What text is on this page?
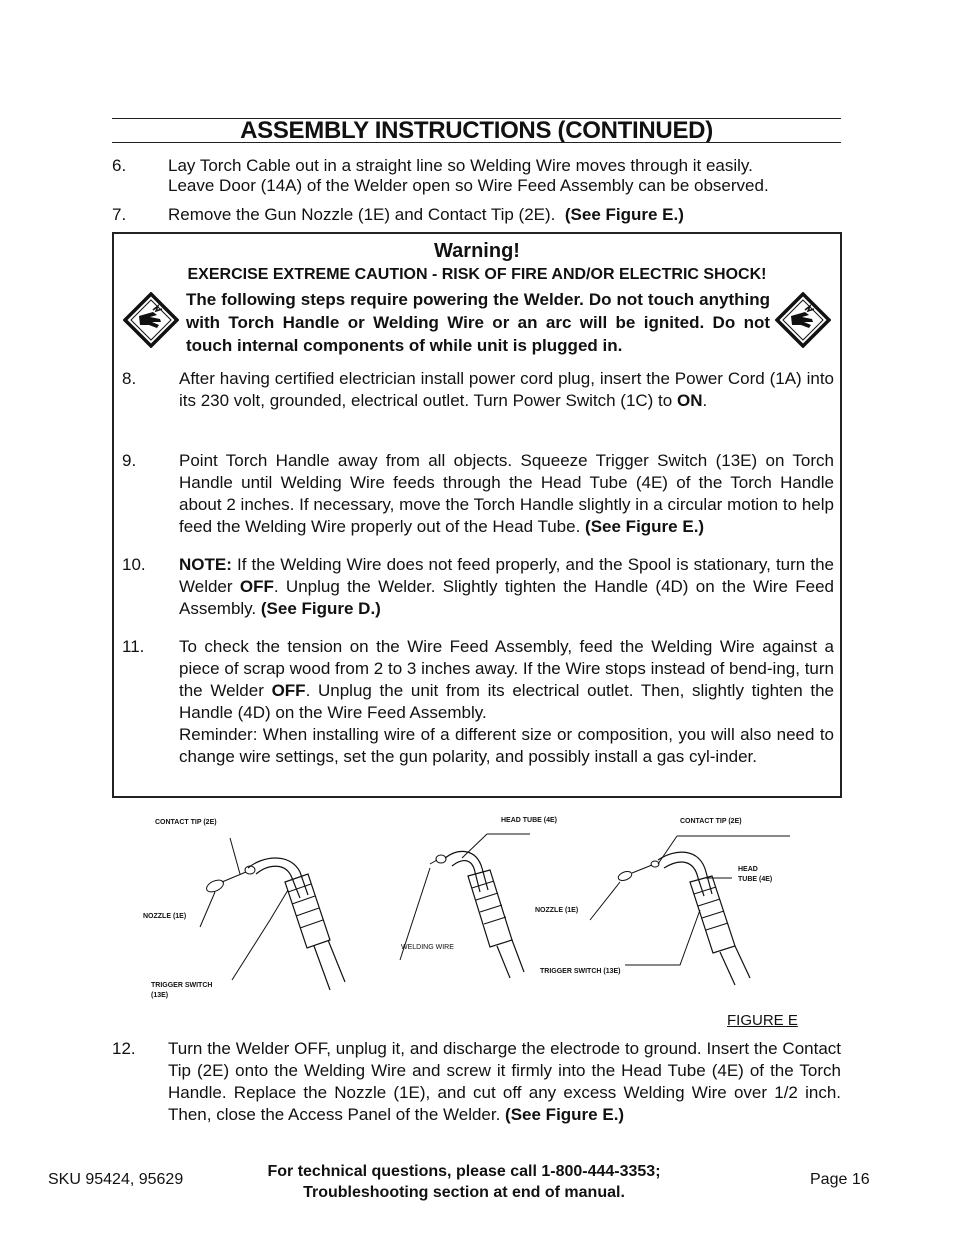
ASSEMBLY INSTRUCTIONS (CONTINUED)
6. Lay Torch Cable out in a straight line so Welding Wire moves through it easily.
Leave Door (14A) of the Welder open so Wire Feed Assembly can be observed.
7. Remove the Gun Nozzle (1E) and Contact Tip (2E). (See Figure E.)
Warning!
EXERCISE EXTREME CAUTION - RISK OF FIRE AND/OR ELECTRIC SHOCK!
The following steps require powering the Welder. Do not touch anything with Torch Handle or Welding Wire or an arc will be ignited. Do not touch internal components of while unit is plugged in.
8.	After having certified electrician install power cord plug, insert the Power Cord (1A) into its 230 volt, grounded, electrical outlet. Turn Power Switch (1C) to ON.
9.	Point Torch Handle away from all objects. Squeeze Trigger Switch (13E) on Torch Handle until Welding Wire feeds through the Head Tube (4E) of the Torch Handle about 2 inches. If necessary, move the Torch Handle slightly in a circular motion to help feed the Welding Wire properly out of the Head Tube. (See Figure E.)
10. NOTE: If the Welding Wire does not feed properly, and the Spool is stationary, turn the Welder OFF. Unplug the Welder. Slightly tighten the Handle (4D) on the Wire Feed Assembly. (See Figure D.)
11. To check the tension on the Wire Feed Assembly, feed the Welding Wire against a piece of scrap wood from 2 to 3 inches away. If the Wire stops instead of bend-ing, turn the Welder OFF. Unplug the unit from its electrical outlet. Then, slightly tighten the Handle (4D) on the Wire Feed Assembly.
Reminder: When installing wire of a different size or composition, you will also need to change wire settings, set the gun polarity, and possibly install a gas cyl-inder.
CONTACT TIP (2E)
NOZZLE (1E)
TRIGGER SWITCH
(13E)
HEAD TUBE (4E)
WELDING WIRE
CONTACT TIP (2E)
HEAD
TUBE (4E)
NOZZLE (1E)
TRIGGER SWITCH (13E)
FIGURE E
12. Turn the Welder OFF, unplug it, and discharge the electrode to ground. Insert the Contact Tip (2E) onto the Welding Wire and screw it firmly into the Head Tube (4E) of the Torch Handle. Replace the Nozzle (1E), and cut off any excess Welding Wire over 1/2 inch. Then, close the Access Panel of the Welder. (See Figure E.)
SKU 95424, 95629	For technical questions, please call 1-800-444-3353;
Troubleshooting section at end of manual.
Page 16
